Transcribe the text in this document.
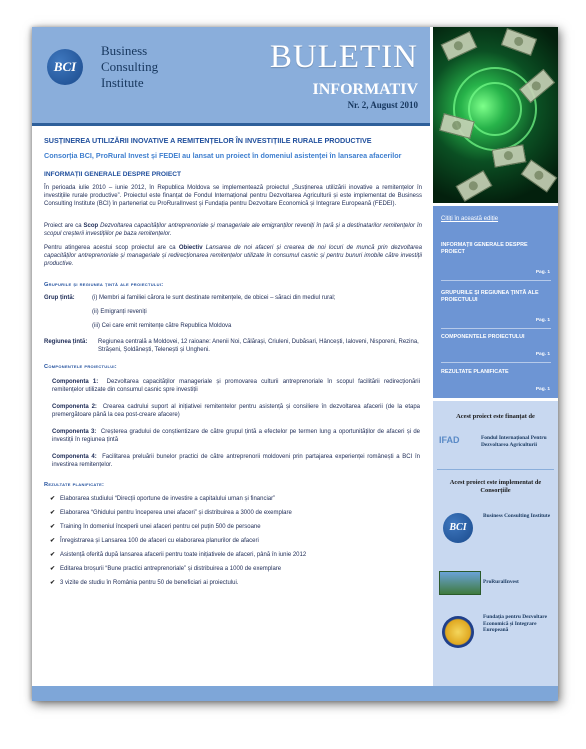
BCI
Business
Consulting
Institute
BULETIN
INFORMATIV
Nr. 2, August 2010
SUSȚINEREA UTILIZĂRII INOVATIVE A REMITENȚELOR ÎN INVESTIȚIILE RURALE PRODUCTIVE
Consorția BCI, ProRural Invest și FEDEI au lansat un proiect în domeniul asistenței în lansarea afacerilor
INFORMAȚII GENERALE DESPRE PROIECT
În perioada iulie 2010 – iunie 2012, în Republica Moldova se implementează proiectul „Susținerea utilizării inovative a remitențelor în investițiile rurale productive”. Proiectul este finanțat de Fondul Internațional pentru Dezvoltarea Agriculturii și este implementat de Business Consulting Institute (BCI) în parteneriat cu ProRuralInvest și Fundația pentru Dezvoltare Economică și Integrare Europeană (FEDEI).
Proiect are ca Scop Dezvoltarea capacităților antreprenoriale și manageriale ale emigranților reveniți în țară și a destinatarilor remitențelor în scopul creșterii investițiilor pe baza remitențelor.
Pentru atingerea acestui scop proiectul are ca Obiectiv Lansarea de noi afaceri și crearea de noi locuri de muncă prin dezvoltarea capacităților antreprenoriale și manageriale și redirecționarea remitențelor utilizate în consumul casnic și pentru bunuri imobile către investiții productive.
Grupurile și regiunea țintă ale proiectului:
Grup țintă:	(i) Membri ai familiei cărora le sunt destinate remitențele, de obicei – săraci din mediul rural;
(ii) Emigranți reveniți
(iii) Cei care emit remitențe către Republica Moldova
Regiunea țintă: Regiunea centrală a Moldovei, 12 raioane: Anenii Noi, Călărași, Criuleni, Dubăsari, Hâncești, Ialoveni, Nisporeni, Rezina, Strășeni, Șoldănești, Telenești și Ungheni.
Componentele proiectului:
Componenta 1: Dezvoltarea capacităților manageriale și promovarea culturii antreprenoriale în scopul facilitării redirecționării remitențelor utilizate din consumul casnic spre investiții
Componenta 2: Crearea cadrului suport al inițiativei remitentelor pentru asistență și consiliere în dezvoltarea afacerii (de la etapa premergătoare până la cea post-creare afacere)
Componenta 3: Creșterea gradului de conștientizare de către grupul țintă a efectelor pe termen lung a oportunităților de afaceri și de investiții în regiunea țintă
Componenta 4: Facilitarea preluării bunelor practici de către antreprenorii moldoveni prin partajarea experienței românești a BCI în investirea remitențelor.
Rezultate planificate:
✔ Elaborarea studiului “Direcții oportune de investire a capitalului uman și financiar”
✔ Elaborarea “Ghidului pentru începerea unei afaceri” și distribuirea a 3000 de exemplare
✔ Training în domeniul începerii unei afaceri pentru cel puțin 500 de persoane
✔ Înregistrarea și Lansarea 100 de afaceri cu elaborarea planurilor de afaceri
✔ Asistență oferită după lansarea afacerii pentru toate inițiativele de afaceri, până în iunie 2012
✔ Editarea broșurii “Bune practici antreprenoriale” și distribuirea a 1000 de exemplare
✔ 3 vizite de studiu în România pentru 50 de beneficiari ai proiectului.
Citiți în această ediție
INFORMAȚII GENERALE DESPRE PROIECT
Pag. 1
GRUPURILE ȘI REGIUNEA ȚINTĂ ALE PROIECTULUI
Pag. 1
COMPONENTELE PROIECTULUI
Pag. 1
REZULTATE PLANIFICATE
Pag. 1
Acest proiect este finanțat de
IFAD	Fondul Internațional Pentru Dezvoltarea Agriculturii
Acest proiect este implementat de Consorțiile
BCI
Business Consulting Institute
ProRuralInvest
Fundația pentru Dezvoltare Economică și Integrare Europeană
